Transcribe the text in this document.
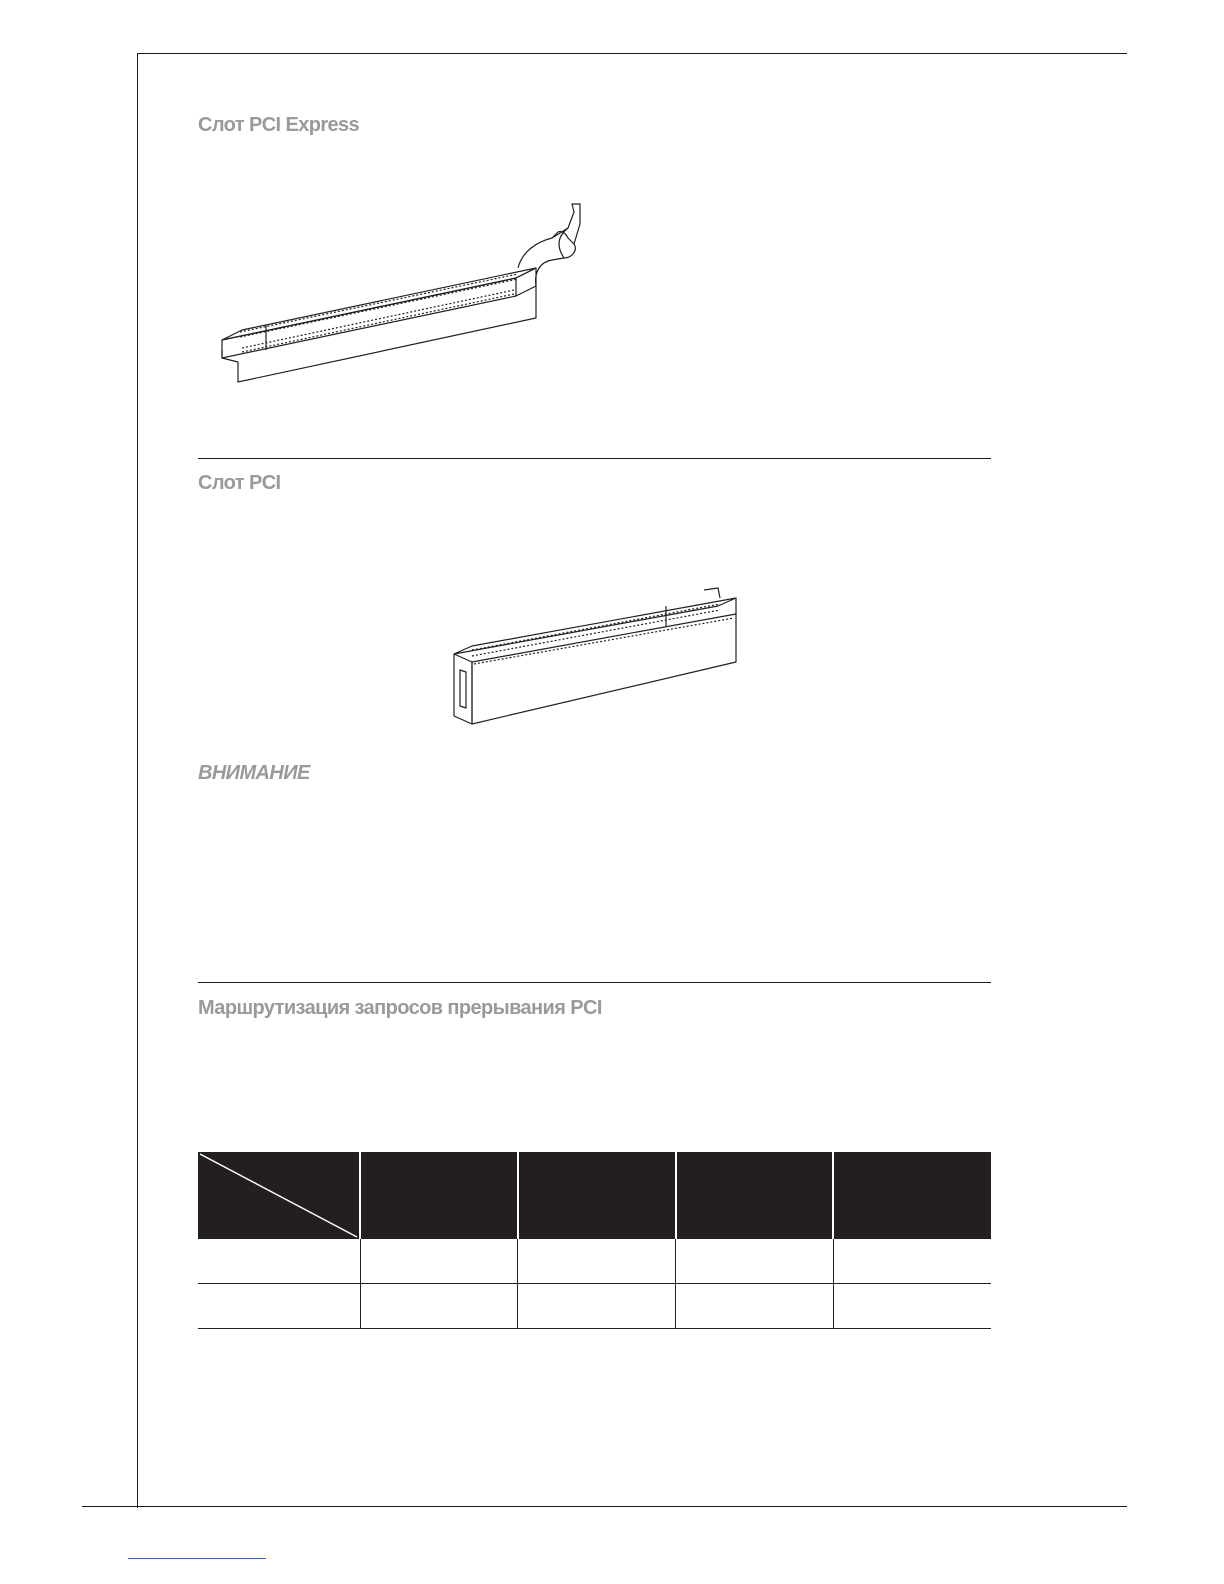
Слот PCI Express
Слот PCI
ВНИМАНИЕ
Маршрутизация запросов прерывания PCI
